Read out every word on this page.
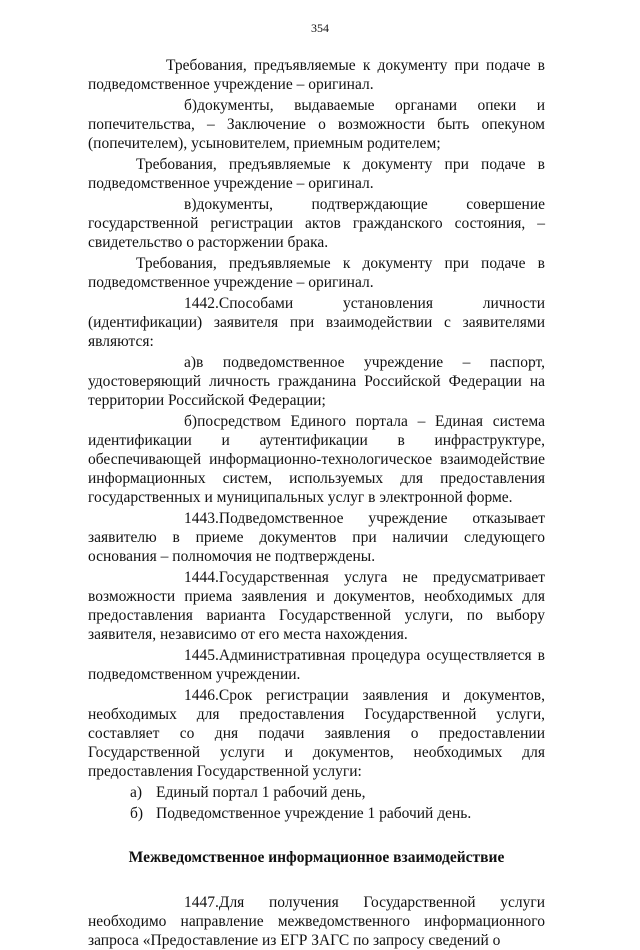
354

Требования, предъявляемые к документу при подаче в подведомственное учреждение – оригинал.

б)документы, выдаваемые органами опеки и попечительства, – Заключение о возможности быть опекуном (попечителем), усыновителем, приемным родителем;

Требования, предъявляемые к документу при подаче в подведомственное учреждение – оригинал.

в)документы, подтверждающие совершение государственной регистрации актов гражданского состояния, – свидетельство о расторжении брака.

Требования, предъявляемые к документу при подаче в подведомственное учреждение – оригинал.

1442.Способами установления личности (идентификации) заявителя при взаимодействии с заявителями являются:

а)в подведомственное учреждение – паспорт, удостоверяющий личность гражданина Российской Федерации на территории Российской Федерации;

б)посредством Единого портала – Единая система идентификации и аутентификации в инфраструктуре, обеспечивающей информационно-технологическое взаимодействие информационных систем, используемых для предоставления государственных и муниципальных услуг в электронной форме.

1443.Подведомственное учреждение отказывает заявителю в приеме документов при наличии следующего основания – полномочия не подтверждены.

1444.Государственная услуга не предусматривает возможности приема заявления и документов, необходимых для предоставления варианта Государственной услуги, по выбору заявителя, независимо от его места нахождения.

1445.Административная процедура осуществляется в подведомственном учреждении.

1446.Срок регистрации заявления и документов, необходимых для предоставления Государственной услуги, составляет со дня подачи заявления о предоставлении Государственной услуги и документов, необходимых для предоставления Государственной услуги:

а) Единый портал 1 рабочий день,

б) Подведомственное учреждение 1 рабочий день.

Межведомственное информационное взаимодействие

1447.Для получения Государственной услуги необходимо направление межведомственного информационного запроса «Предоставление из ЕГР ЗАГС по запросу сведений о
